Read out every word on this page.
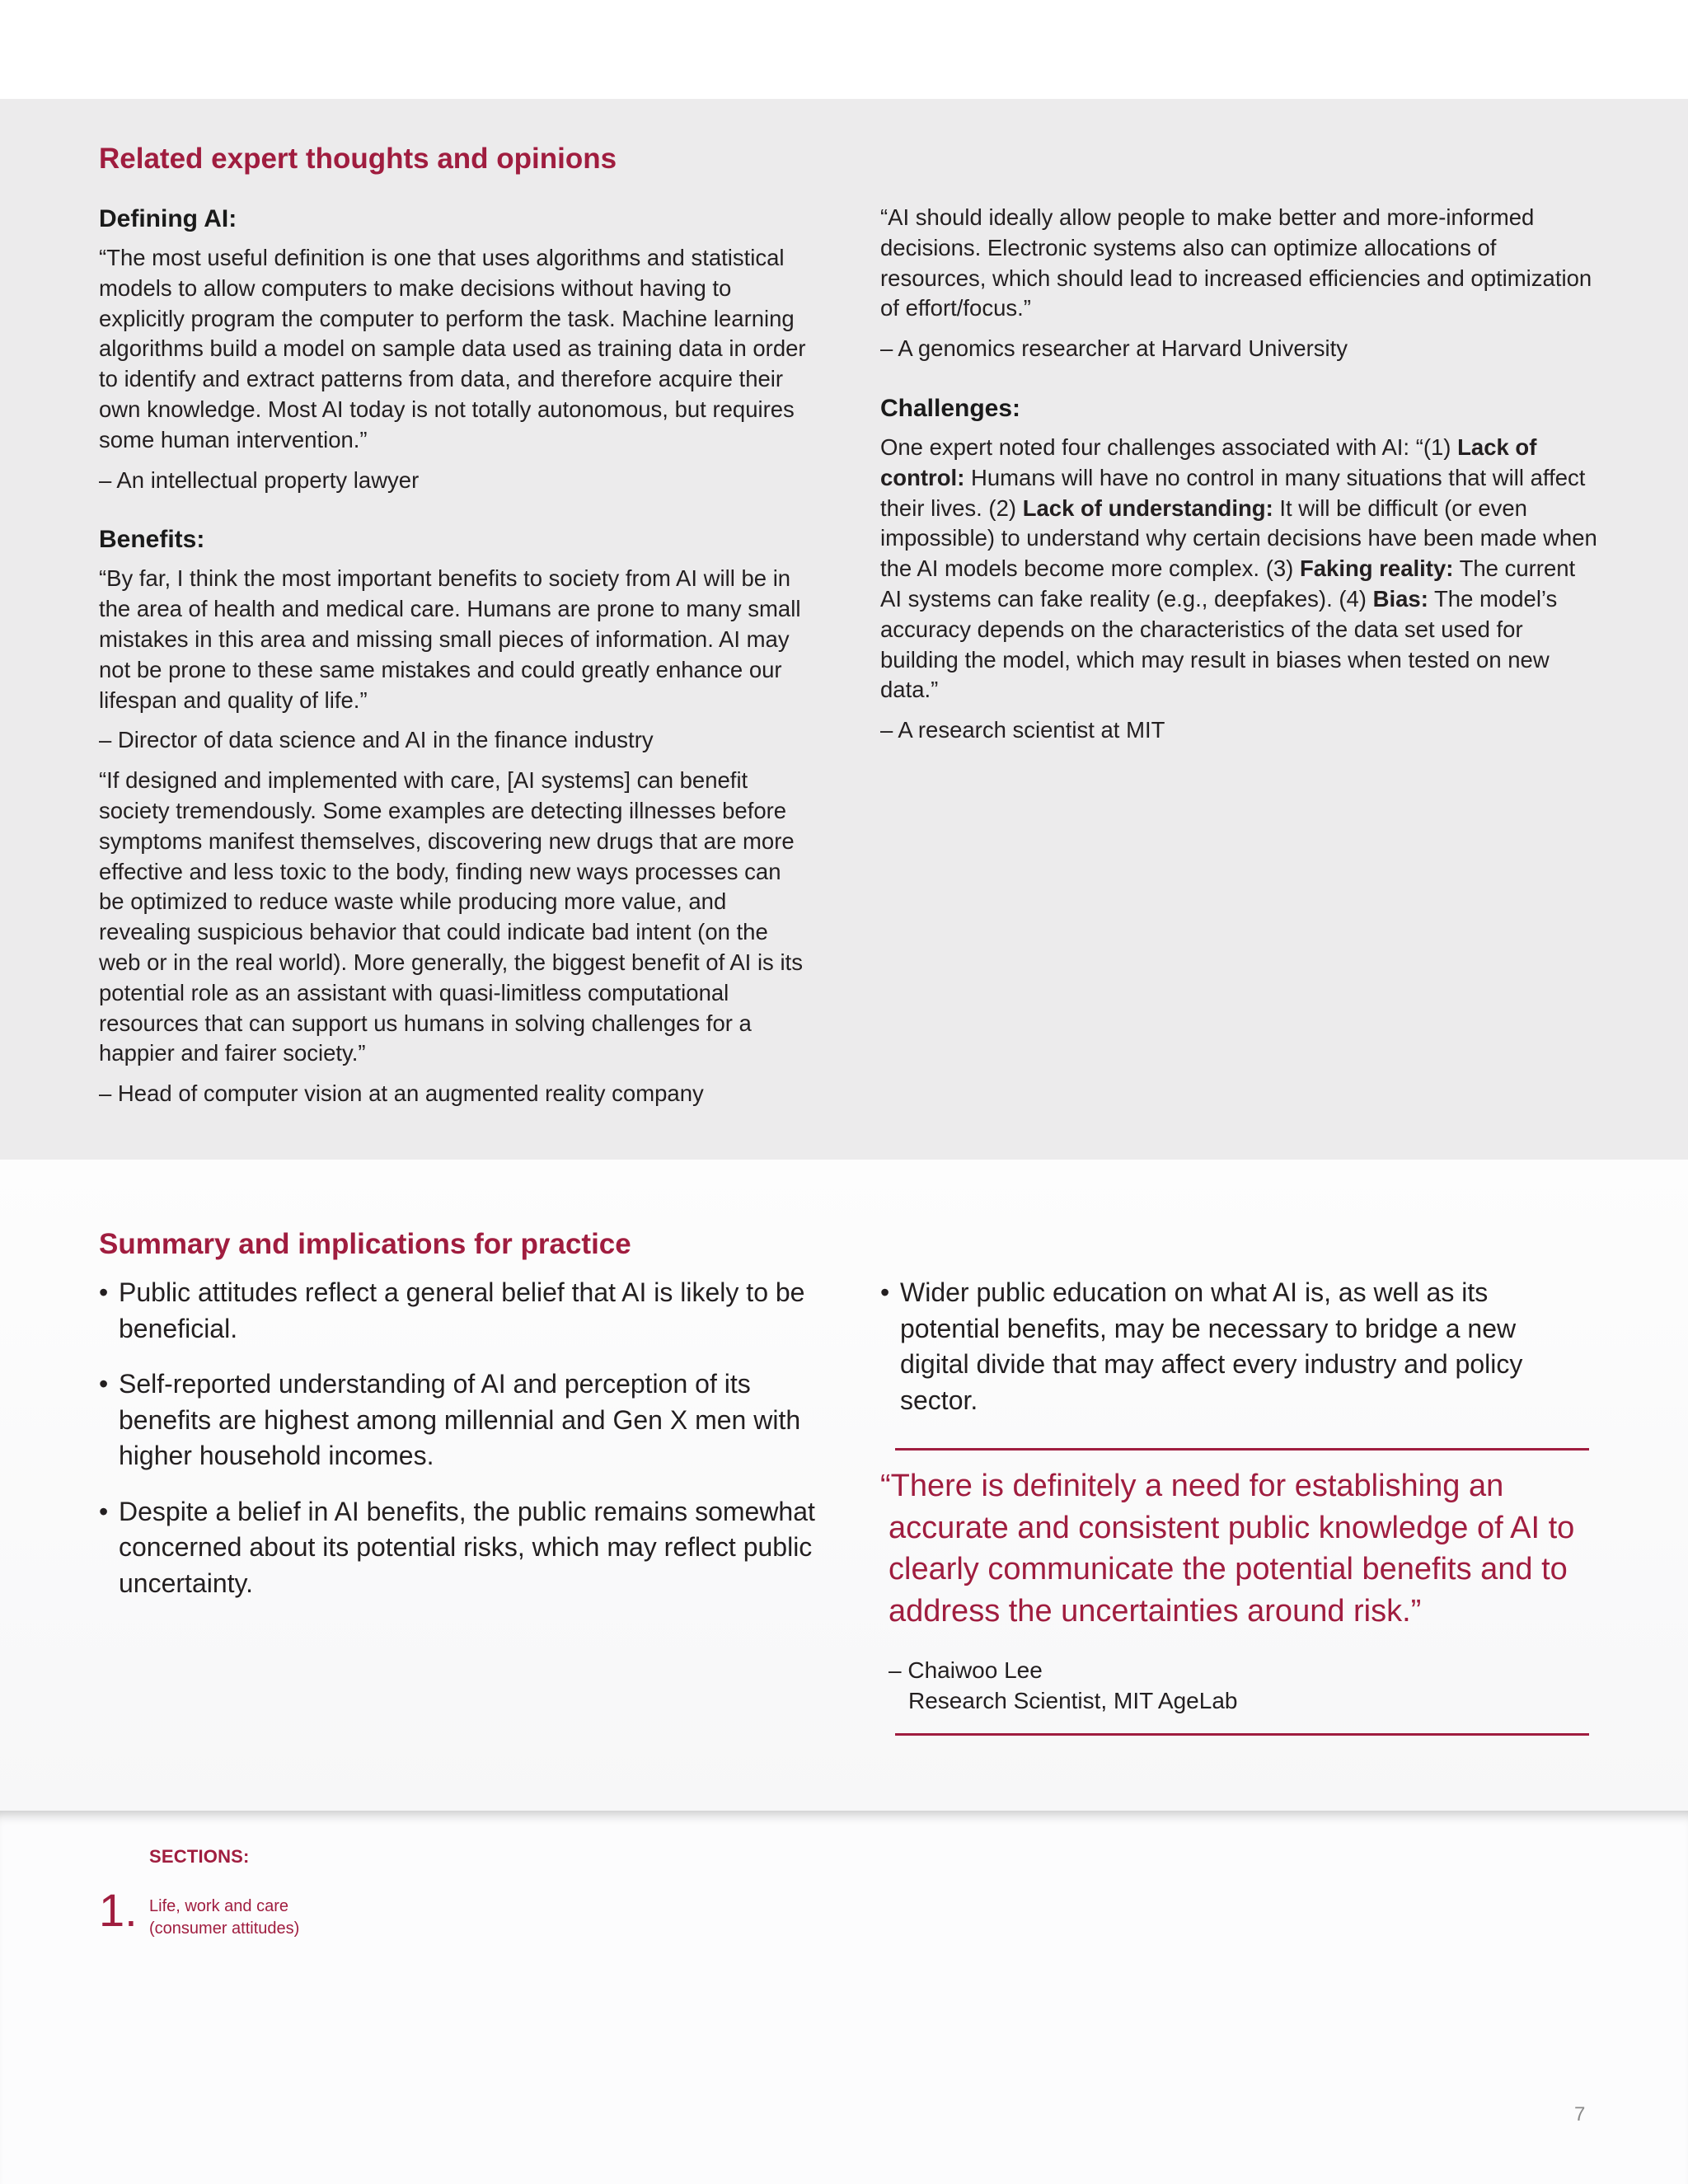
Related expert thoughts and opinions
Defining AI:

“The most useful definition is one that uses algorithms and statistical models to allow computers to make decisions without having to explicitly program the computer to perform the task. Machine learning algorithms build a model on sample data used as training data in order to identify and extract patterns from data, and therefore acquire their own knowledge. Most AI today is not totally autonomous, but requires some human intervention.”

– An intellectual property lawyer

Benefits:

“By far, I think the most important benefits to society from AI will be in the area of health and medical care. Humans are prone to many small mistakes in this area and missing small pieces of information. AI may not be prone to these same mistakes and could greatly enhance our lifespan and quality of life.”

– Director of data science and AI in the finance industry

“If designed and implemented with care, [AI systems] can benefit society tremendously. Some examples are detecting illnesses before symptoms manifest themselves, discovering new drugs that are more effective and less toxic to the body, finding new ways processes can be optimized to reduce waste while producing more value, and revealing suspicious behavior that could indicate bad intent (on the web or in the real world). More generally, the biggest benefit of AI is its potential role as an assistant with quasi-limitless computational resources that can support us humans in solving challenges for a happier and fairer society.”

– Head of computer vision at an augmented reality company

“AI should ideally allow people to make better and more-informed decisions. Electronic systems also can optimize allocations of resources, which should lead to increased efficiencies and optimization of effort/focus.”

– A genomics researcher at Harvard University

Challenges:

One expert noted four challenges associated with AI: “(1) Lack of control: Humans will have no control in many situations that will affect their lives. (2) Lack of understanding: It will be difficult (or even impossible) to understand why certain decisions have been made when the AI models become more complex. (3) Faking reality: The current AI systems can fake reality (e.g., deepfakes). (4) Bias: The model’s accuracy depends on the characteristics of the data set used for building the model, which may result in biases when tested on new data.”

– A research scientist at MIT

Summary and implications for practice
• Public attitudes reflect a general belief that AI is likely to be beneficial.
• Self-reported understanding of AI and perception of its benefits are highest among millennial and Gen X men with higher household incomes.
• Despite a belief in AI benefits, the public remains somewhat concerned about its potential risks, which may reflect public uncertainty.
• Wider public education on what AI is, as well as its potential benefits, may be necessary to bridge a new digital divide that may affect every industry and policy sector.

“There is definitely a need for establishing an accurate and consistent public knowledge of AI to clearly communicate the potential benefits and to address the uncertainties around risk.”

– Chaiwoo Lee
Research Scientist, MIT AgeLab
SECTIONS:
1. Life, work and care
(consumer attitudes)
7
